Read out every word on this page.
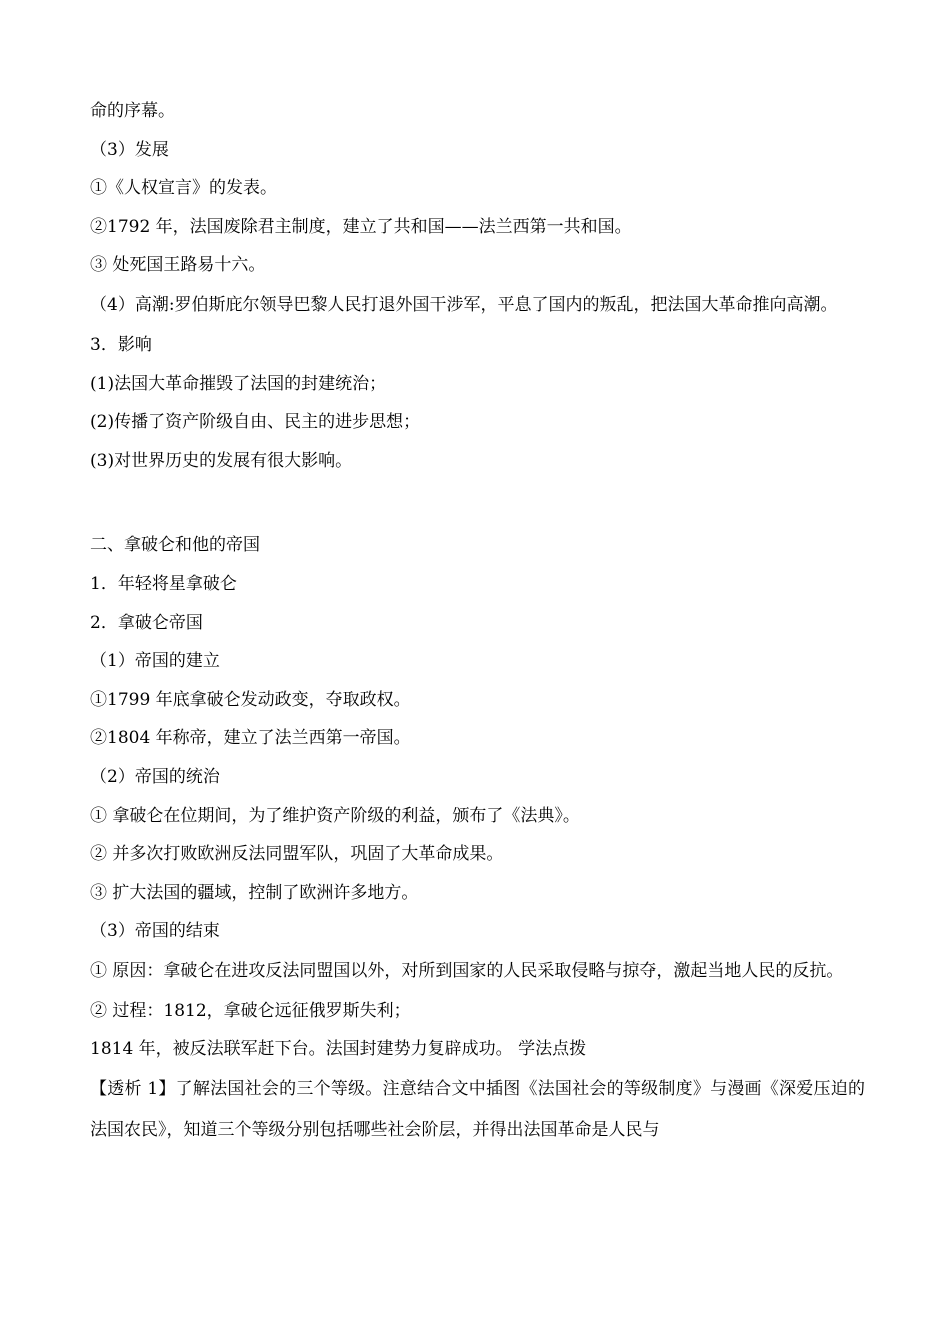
命的序幕。
（3）发展
①《人权宣言》的发表。
②1792 年，法国废除君主制度，建立了共和国——法兰西第一共和国。
③ 处死国王路易十六。
（4）高潮:罗伯斯庇尔领导巴黎人民打退外国干涉军，平息了国内的叛乱，把法国大革命推向高潮。
3．影响
(1)法国大革命摧毁了法国的封建统治；
(2)传播了资产阶级自由、民主的进步思想；
(3)对世界历史的发展有很大影响。
二、拿破仑和他的帝国
1．年轻将星拿破仑
2．拿破仑帝国
（1）帝国的建立
①1799 年底拿破仑发动政变，夺取政权。
②1804 年称帝，建立了法兰西第一帝国。
（2）帝国的统治
① 拿破仑在位期间，为了维护资产阶级的利益，颁布了《法典》。
② 并多次打败欧洲反法同盟军队，巩固了大革命成果。
③ 扩大法国的疆域，控制了欧洲许多地方。
（3）帝国的结束
① 原因：拿破仑在进攻反法同盟国以外，对所到国家的人民采取侵略与掠夺，激起当地人民的反抗。
② 过程：1812，拿破仑远征俄罗斯失利；
1814 年，被反法联军赶下台。法国封建势力复辟成功。 学法点拨
【透析 1】了解法国社会的三个等级。注意结合文中插图《法国社会的等级制度》与漫画《深爱压迫的法国农民》，知道三个等级分别包括哪些社会阶层，并得出法国革命是人民与
